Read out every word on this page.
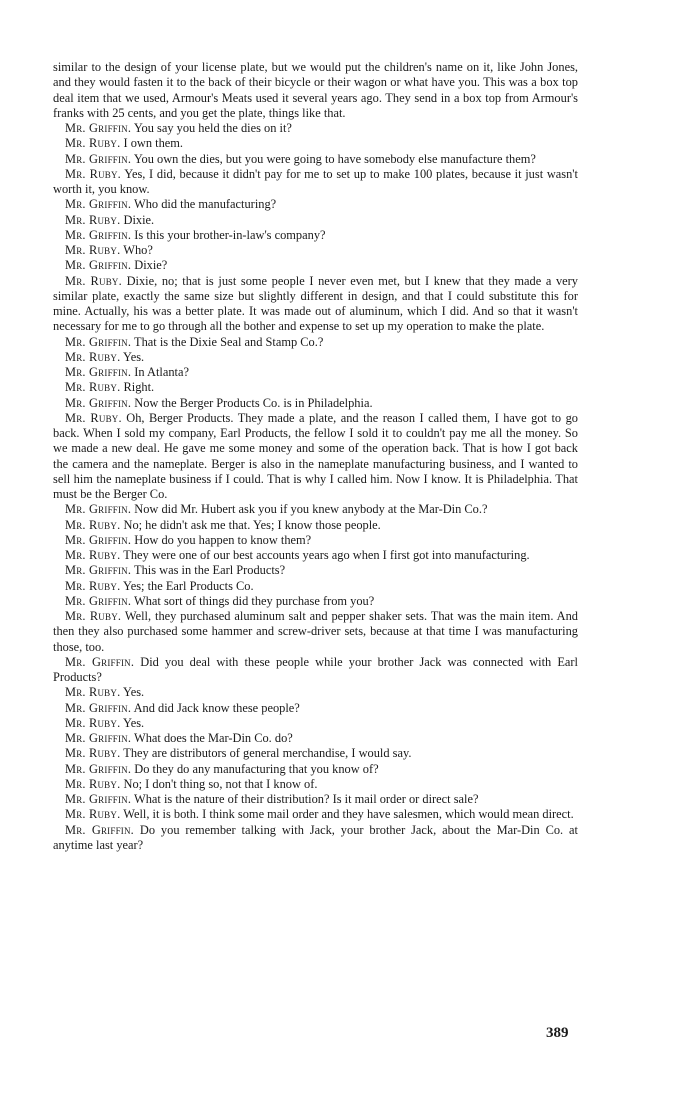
similar to the design of your license plate, but we would put the children's name on it, like John Jones, and they would fasten it to the back of their bicycle or their wagon or what have you. This was a box top deal item that we used, Armour's Meats used it several years ago. They send in a box top from Armour's franks with 25 cents, and you get the plate, things like that.

Mr. Griffin. You say you held the dies on it?

Mr. Ruby. I own them.

Mr. Griffin. You own the dies, but you were going to have somebody else manufacture them?

Mr. Ruby. Yes, I did, because it didn't pay for me to set up to make 100 plates, because it just wasn't worth it, you know.

Mr. Griffin. Who did the manufacturing?

Mr. Ruby. Dixie.

Mr. Griffin. Is this your brother-in-law's company?

Mr. Ruby. Who?

Mr. Griffin. Dixie?

Mr. Ruby. Dixie, no; that is just some people I never even met, but I knew that they made a very similar plate, exactly the same size but slightly different in design, and that I could substitute this for mine. Actually, his was a better plate. It was made out of aluminum, which I did. And so that it wasn't necessary for me to go through all the bother and expense to set up my operation to make the plate.

Mr. Griffin. That is the Dixie Seal and Stamp Co.?

Mr. Ruby. Yes.

Mr. Griffin. In Atlanta?

Mr. Ruby. Right.

Mr. Griffin. Now the Berger Products Co. is in Philadelphia.

Mr. Ruby. Oh, Berger Products. They made a plate, and the reason I called them, I have got to go back. When I sold my company, Earl Products, the fellow I sold it to couldn't pay me all the money. So we made a new deal. He gave me some money and some of the operation back. That is how I got back the camera and the nameplate. Berger is also in the nameplate manufacturing business, and I wanted to sell him the nameplate business if I could. That is why I called him. Now I know. It is Philadelphia. That must be the Berger Co.

Mr. Griffin. Now did Mr. Hubert ask you if you knew anybody at the Mar-Din Co.?

Mr. Ruby. No; he didn't ask me that. Yes; I know those people.

Mr. Griffin. How do you happen to know them?

Mr. Ruby. They were one of our best accounts years ago when I first got into manufacturing.

Mr. Griffin. This was in the Earl Products?

Mr. Ruby. Yes; the Earl Products Co.

Mr. Griffin. What sort of things did they purchase from you?

Mr. Ruby. Well, they purchased aluminum salt and pepper shaker sets. That was the main item. And then they also purchased some hammer and screw-driver sets, because at that time I was manufacturing those, too.

Mr. Griffin. Did you deal with these people while your brother Jack was connected with Earl Products?

Mr. Ruby. Yes.

Mr. Griffin. And did Jack know these people?

Mr. Ruby. Yes.

Mr. Griffin. What does the Mar-Din Co. do?

Mr. Ruby. They are distributors of general merchandise, I would say.

Mr. Griffin. Do they do any manufacturing that you know of?

Mr. Ruby. No; I don't thing so, not that I know of.

Mr. Griffin. What is the nature of their distribution? Is it mail order or direct sale?

Mr. Ruby. Well, it is both. I think some mail order and they have salesmen, which would mean direct.

Mr. Griffin. Do you remember talking with Jack, your brother Jack, about the Mar-Din Co. at anytime last year?

389
